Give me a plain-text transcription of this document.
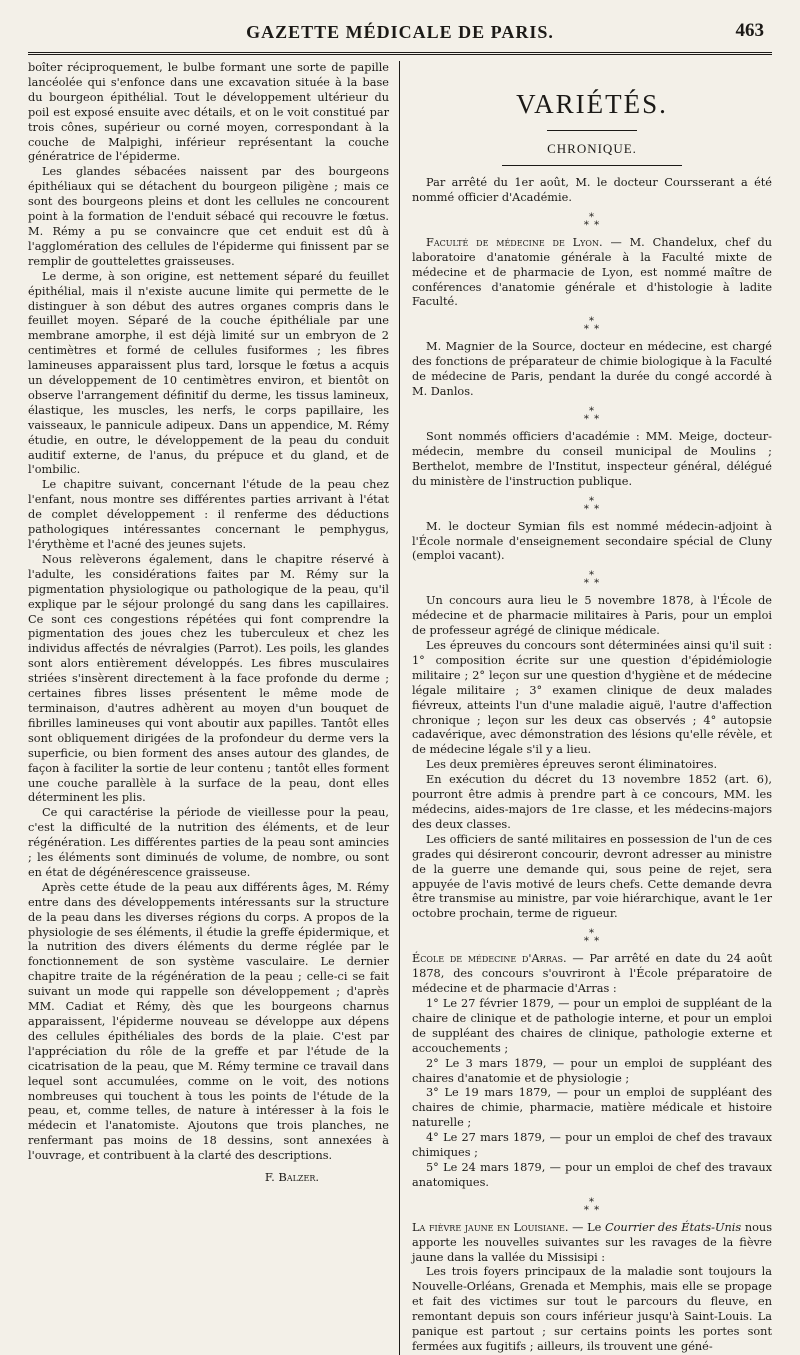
GAZETTE MÉDICALE DE PARIS.	463

boîter réciproquement, le bulbe formant une sorte de papille lancéolée qui s'enfonce dans une excavation située à la base du bourgeon épithélial. Tout le développement ultérieur du poil est exposé ensuite avec détails, et on le voit constitué par trois cônes, supérieur ou corné moyen, correspondant à la couche de Malpighi, inférieur représentant la couche génératrice de l'épiderme.

Les glandes sébacées naissent par des bourgeons épithéliaux qui se détachent du bourgeon piligène ; mais ce sont des bourgeons pleins et dont les cellules ne concourent point à la formation de l'enduit sébacé qui recouvre le fœtus. M. Rémy a pu se convaincre que cet enduit est dû à l'agglomération des cellules de l'épiderme qui finissent par se remplir de gouttelettes graisseuses.

Le derme, à son origine, est nettement séparé du feuillet épithélial, mais il n'existe aucune limite qui permette de le distinguer à son début des autres organes compris dans le feuillet moyen. Séparé de la couche épithéliale par une membrane amorphe, il est déjà limité sur un embryon de 2 centimètres et formé de cellules fusiformes ; les fibres lamineuses apparaissent plus tard, lorsque le fœtus a acquis un développement de 10 centimètres environ, et bientôt on observe l'arrangement définitif du derme, les tissus lamineux, élastique, les muscles, les nerfs, le corps papillaire, les vaisseaux, le pannicule adipeux. Dans un appendice, M. Rémy étudie, en outre, le développement de la peau du conduit auditif externe, de l'anus, du prépuce et du gland, et de l'ombilic.

Le chapitre suivant, concernant l'étude de la peau chez l'enfant, nous montre ses différentes parties arrivant à l'état de complet développement : il renferme des déductions pathologiques intéressantes concernant le pemphygus, l'érythème et l'acné des jeunes sujets.

Nous relèverons également, dans le chapitre réservé à l'adulte, les considérations faites par M. Rémy sur la pigmentation physiologique ou pathologique de la peau, qu'il explique par le séjour prolongé du sang dans les capillaires. Ce sont ces congestions répétées qui font comprendre la pigmentation des joues chez les tuberculeux et chez les individus affectés de névralgies (Parrot). Les poils, les glandes sont alors entièrement développés. Les fibres musculaires striées s'insèrent directement à la face profonde du derme ; certaines fibres lisses présentent le même mode de terminaison, d'autres adhèrent au moyen d'un bouquet de fibrilles lamineuses qui vont aboutir aux papilles. Tantôt elles sont obliquement dirigées de la profondeur du derme vers la superficie, ou bien forment des anses autour des glandes, de façon à faciliter la sortie de leur contenu ; tantôt elles forment une couche parallèle à la surface de la peau, dont elles déterminent les plis.

Ce qui caractérise la période de vieillesse pour la peau, c'est la difficulté de la nutrition des éléments, et de leur régénération. Les différentes parties de la peau sont amincies ; les éléments sont diminués de volume, de nombre, ou sont en état de dégénérescence graisseuse.

Après cette étude de la peau aux différents âges, M. Rémy entre dans des développements intéressants sur la structure de la peau dans les diverses régions du corps. A propos de la physiologie de ses éléments, il étudie la greffe épidermique, et la nutrition des divers éléments du derme réglée par le fonctionnement de son système vasculaire. Le dernier chapitre traite de la régénération de la peau ; celle-ci se fait suivant un mode qui rappelle son développement ; d'après MM. Cadiat et Rémy, dès que les bourgeons charnus apparaissent, l'épiderme nouveau se développe aux dépens des cellules épithéliales des bords de la plaie. C'est par l'appréciation du rôle de la greffe et par l'étude de la cicatrisation de la peau, que M. Rémy termine ce travail dans lequel sont accumulées, comme on le voit, des notions nombreuses qui touchent à tous les points de l'étude de la peau, et, comme telles, de nature à intéresser à la fois le médecin et l'anatomiste. Ajoutons que trois planches, ne renfermant pas moins de 18 dessins, sont annexées à l'ouvrage, et contribuent à la clarté des descriptions.

F. Balzer.
VARIÉTÉS.
CHRONIQUE.

Par arrêté du 1er août, M. le docteur Coursserant a été nommé officier d'Académie.

*
* *

Faculté de médecine de Lyon. — M. Chandelux, chef du laboratoire d'anatomie générale à la Faculté mixte de médecine et de pharmacie de Lyon, est nommé maître de conférences d'anatomie générale et d'histologie à ladite Faculté.

*
* *

M. Magnier de la Source, docteur en médecine, est chargé des fonctions de préparateur de chimie biologique à la Faculté de médecine de Paris, pendant la durée du congé accordé à M. Danlos.

*
* *

Sont nommés officiers d'académie : MM. Meige, docteur-médecin, membre du conseil municipal de Moulins ; Berthelot, membre de l'Institut, inspecteur général, délégué du ministère de l'instruction publique.

*
* *

M. le docteur Symian fils est nommé médecin-adjoint à l'École normale d'enseignement secondaire spécial de Cluny (emploi vacant).

*
* *

Un concours aura lieu le 5 novembre 1878, à l'École de médecine et de pharmacie militaires à Paris, pour un emploi de professeur agrégé de clinique médicale.

Les épreuves du concours sont déterminées ainsi qu'il suit : 1° composition écrite sur une question d'épidémiologie militaire ; 2° leçon sur une question d'hygiène et de médecine légale militaire ; 3° examen clinique de deux malades fiévreux, atteints l'un d'une maladie aiguë, l'autre d'affection chronique ; leçon sur les deux cas observés ; 4° autopsie cadavérique, avec démonstration des lésions qu'elle révèle, et de médecine légale s'il y a lieu.

Les deux premières épreuves seront éliminatoires.

En exécution du décret du 13 novembre 1852 (art. 6), pourront être admis à prendre part à ce concours, MM. les médecins, aides-majors de 1re classe, et les médecins-majors des deux classes.

Les officiers de santé militaires en possession de l'un de ces grades qui désireront concourir, devront adresser au ministre de la guerre une demande qui, sous peine de rejet, sera appuyée de l'avis motivé de leurs chefs. Cette demande devra être transmise au ministre, par voie hiérarchique, avant le 1er octobre prochain, terme de rigueur.

*
* *

École de médecine d'Arras. — Par arrêté en date du 24 août 1878, des concours s'ouvriront à l'École préparatoire de médecine et de pharmacie d'Arras :

1° Le 27 février 1879, — pour un emploi de suppléant de la chaire de clinique et de pathologie interne, et pour un emploi de suppléant des chaires de clinique, pathologie externe et accouchements ;

2° Le 3 mars 1879, — pour un emploi de suppléant des chaires d'anatomie et de physiologie ;

3° Le 19 mars 1879, — pour un emploi de suppléant des chaires de chimie, pharmacie, matière médicale et histoire naturelle ;

4° Le 27 mars 1879, — pour un emploi de chef des travaux chimiques ;

5° Le 24 mars 1879, — pour un emploi de chef des travaux anatomiques.

*
* *

La fièvre jaune en Louisiane. — Le Courrier des États-Unis nous apporte les nouvelles suivantes sur les ravages de la fièvre jaune dans la vallée du Missisipi :

Les trois foyers principaux de la maladie sont toujours la Nouvelle-Orléans, Grenada et Memphis, mais elle se propage et fait des victimes sur tout le parcours du fleuve, en remontant depuis son cours inférieur jusqu'à Saint-Louis. La panique est partout ; sur certains points les portes sont fermées aux fugitifs ; ailleurs, ils trouvent une géné-
